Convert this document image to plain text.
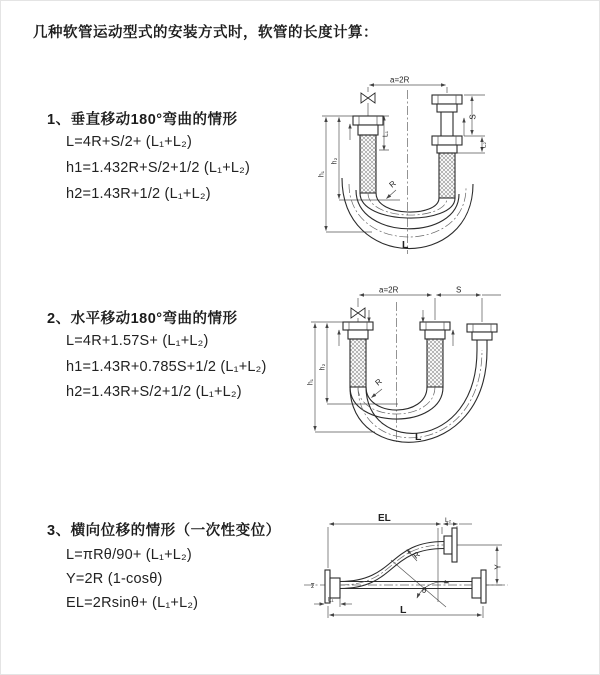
几种软管运动型式的安装方式时，软管的长度计算：
1、垂直移动180°弯曲的情形
L=4R+S/2+ (L₁+L₂)
h1=1.432R+S/2+1/2 (L₁+L₂)
h2=1.43R+1/2 (L₁+L₂)
2、水平移动180°弯曲的情形
L=4R+1.57S+ (L₁+L₂)
h1=1.43R+0.785S+1/2 (L₁+L₂)
h2=1.43R+S/2+1/2 (L₁+L₂)
3、横向位移的情形（一次性变位）
L=πRθ/90+ (L₁+L₂)
Y=2R (1-cosθ)
EL=2Rsinθ+ (L₁+L₂)
a=2R
L₁
S
L₂
h₁
h₂
R
L
a=2R	S
h₁
h₂
R
L
EL	L₂
Y
R
θ
L
L₁
z
